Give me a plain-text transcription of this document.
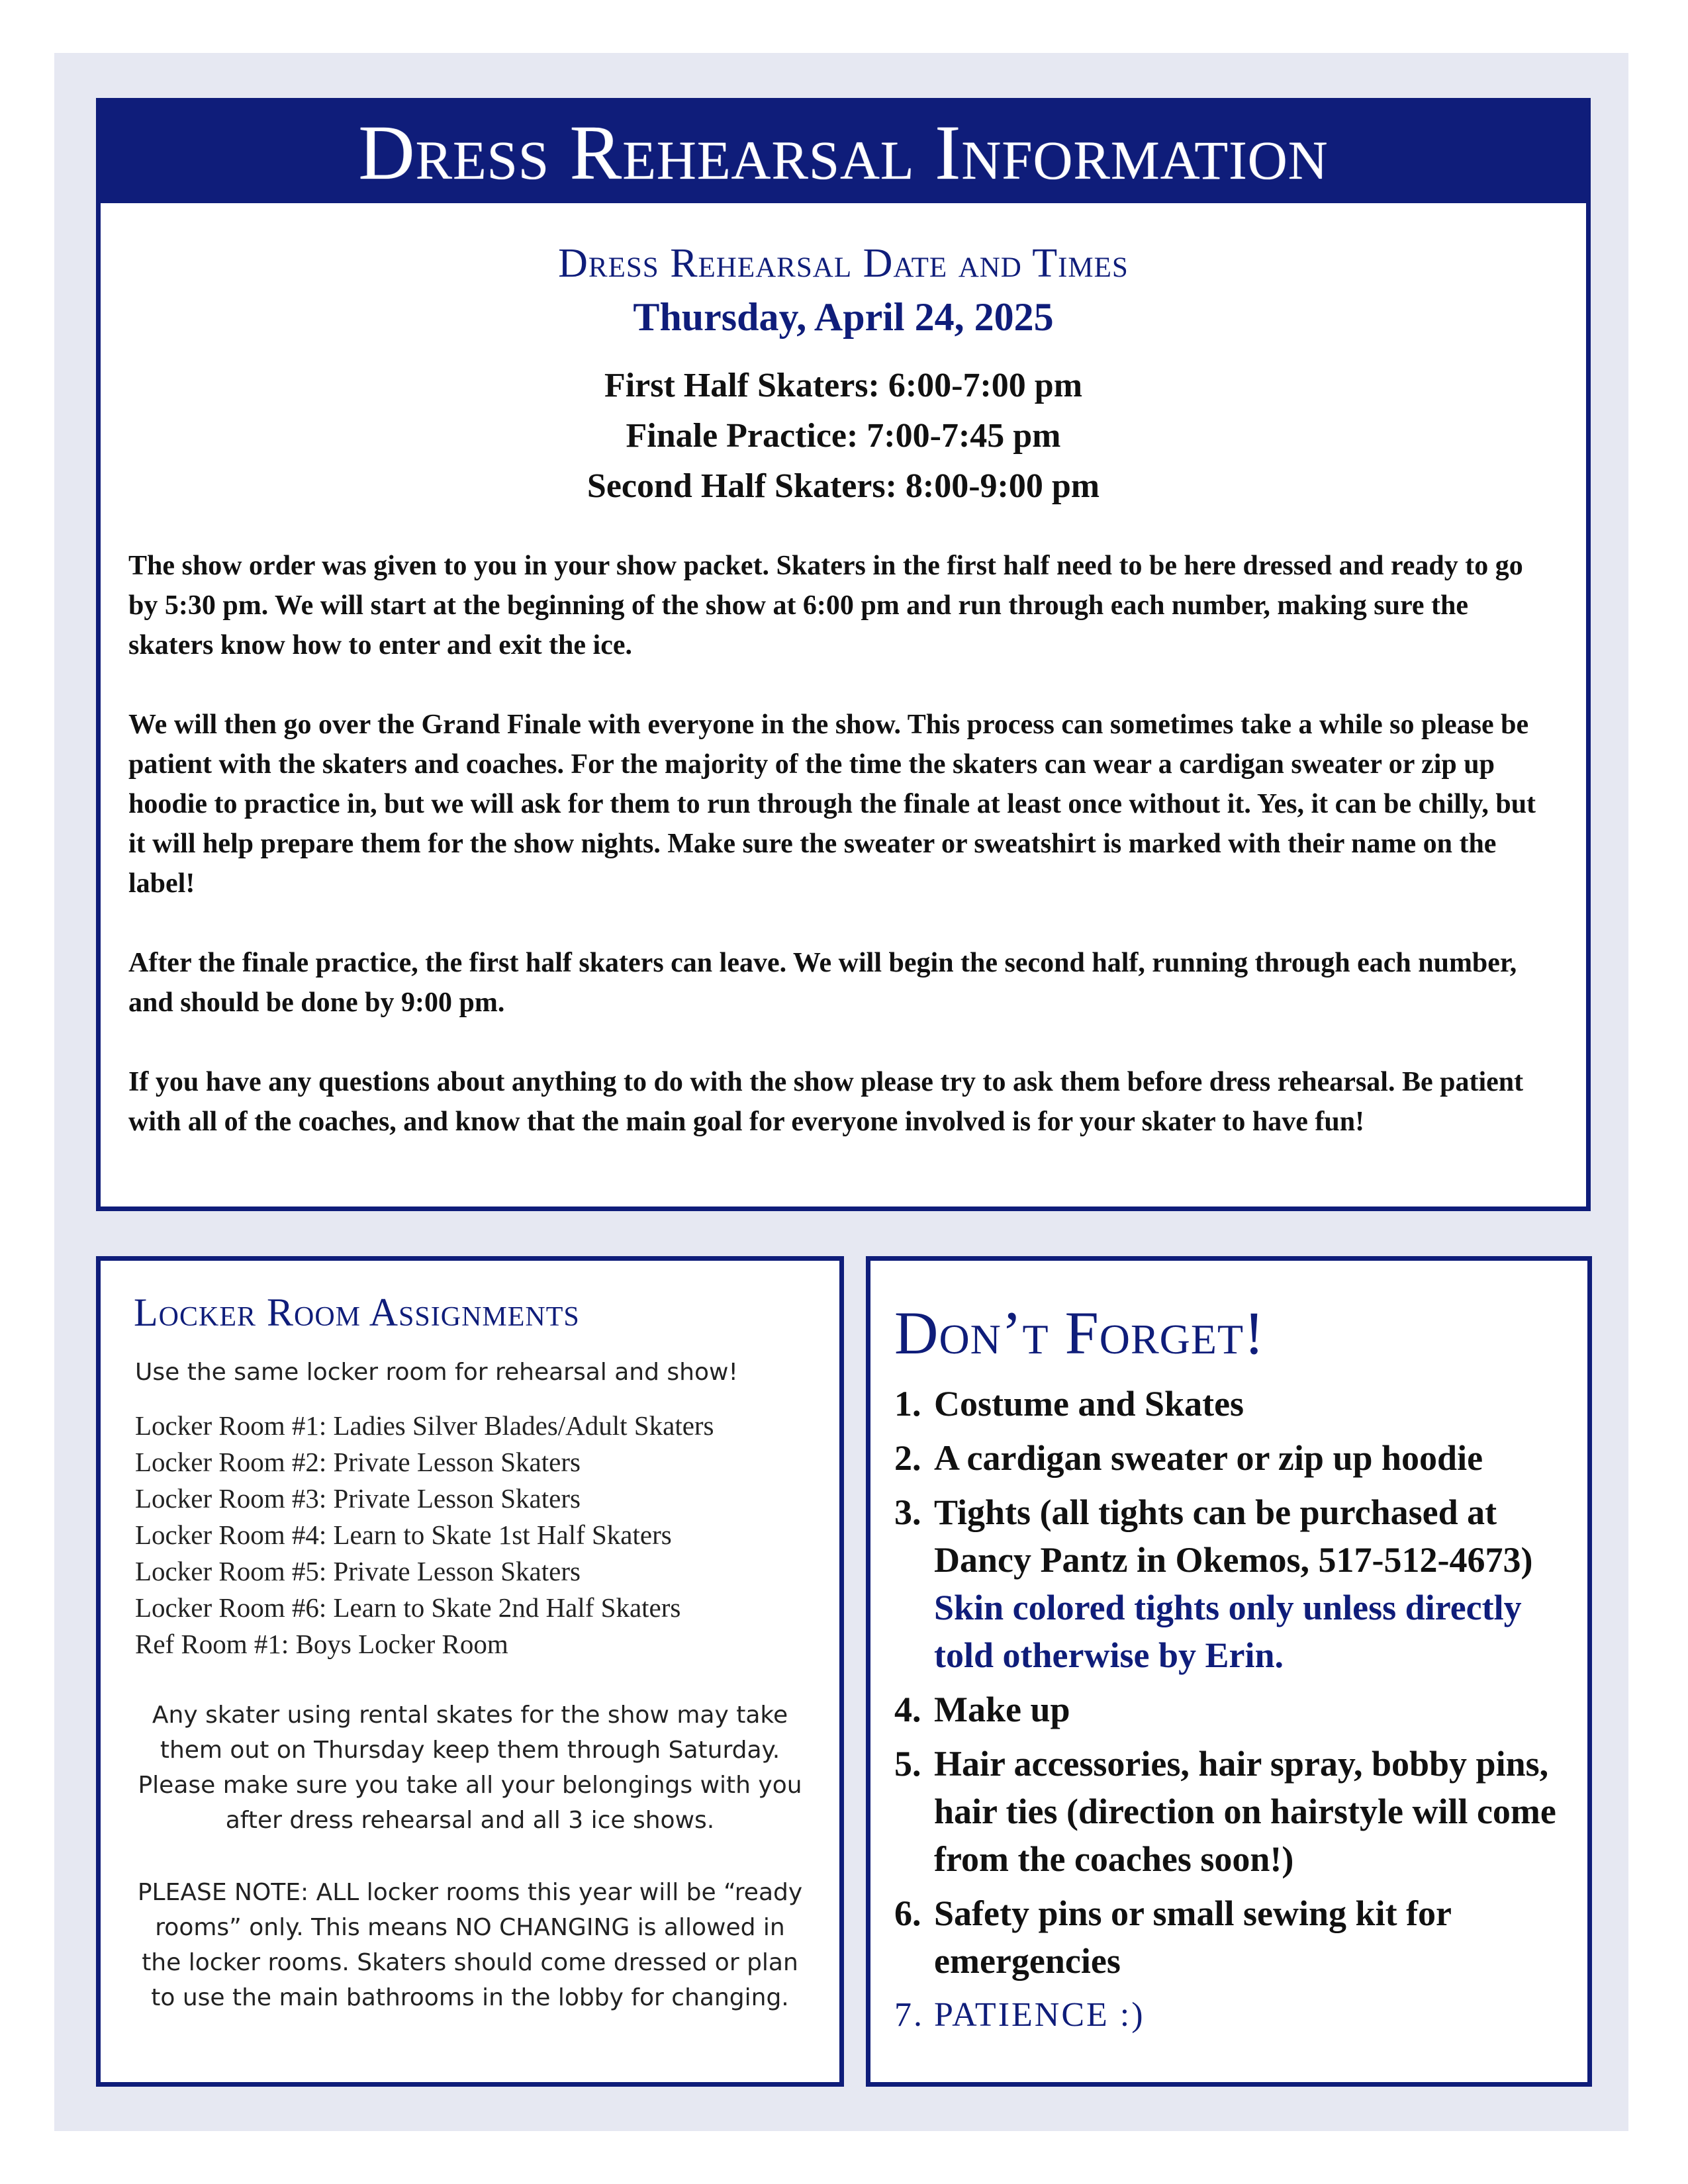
Dress Rehearsal Information
Dress Rehearsal Date and Times
Thursday, April 24, 2025
First Half Skaters: 6:00-7:00 pm
Finale Practice: 7:00-7:45 pm
Second Half Skaters: 8:00-9:00 pm

The show order was given to you in your show packet. Skaters in the first half need to be here dressed and ready to go by 5:30 pm. We will start at the beginning of the show at 6:00 pm and run through each number, making sure the skaters know how to enter and exit the ice.

We will then go over the Grand Finale with everyone in the show. This process can sometimes take a while so please be patient with the skaters and coaches. For the majority of the time the skaters can wear a cardigan sweater or zip up hoodie to practice in, but we will ask for them to run through the finale at least once without it. Yes, it can be chilly, but it will help prepare them for the show nights. Make sure the sweater or sweatshirt is marked with their name on the label!

After the finale practice, the first half skaters can leave. We will begin the second half, running through each number, and should be done by 9:00 pm.

If you have any questions about anything to do with the show please try to ask them before dress rehearsal. Be patient with all of the coaches, and know that the main goal for everyone involved is for your skater to have fun!

Locker Room Assignments
Use the same locker room for rehearsal and show!
Locker Room #1: Ladies Silver Blades/Adult Skaters
Locker Room #2: Private Lesson Skaters
Locker Room #3: Private Lesson Skaters
Locker Room #4: Learn to Skate 1st Half Skaters
Locker Room #5: Private Lesson Skaters
Locker Room #6: Learn to Skate 2nd Half Skaters
Ref Room #1: Boys Locker Room
Any skater using rental skates for the show may take them out on Thursday keep them through Saturday. Please make sure you take all your belongings with you after dress rehearsal and all 3 ice shows.
PLEASE NOTE: ALL locker rooms this year will be “ready rooms” only. This means NO CHANGING is allowed in the locker rooms. Skaters should come dressed or plan to use the main bathrooms in the lobby for changing.
Don’t Forget!
1. Costume and Skates
2. A cardigan sweater or zip up hoodie
3. Tights (all tights can be purchased at Dancy Pantz in Okemos, 517-512-4673)
Skin colored tights only unless directly told otherwise by Erin.
4. Make up
5. Hair accessories, hair spray, bobby pins, hair ties (direction on hairstyle will come from the coaches soon!)
6. Safety pins or small sewing kit for emergencies
7. PATIENCE :)
